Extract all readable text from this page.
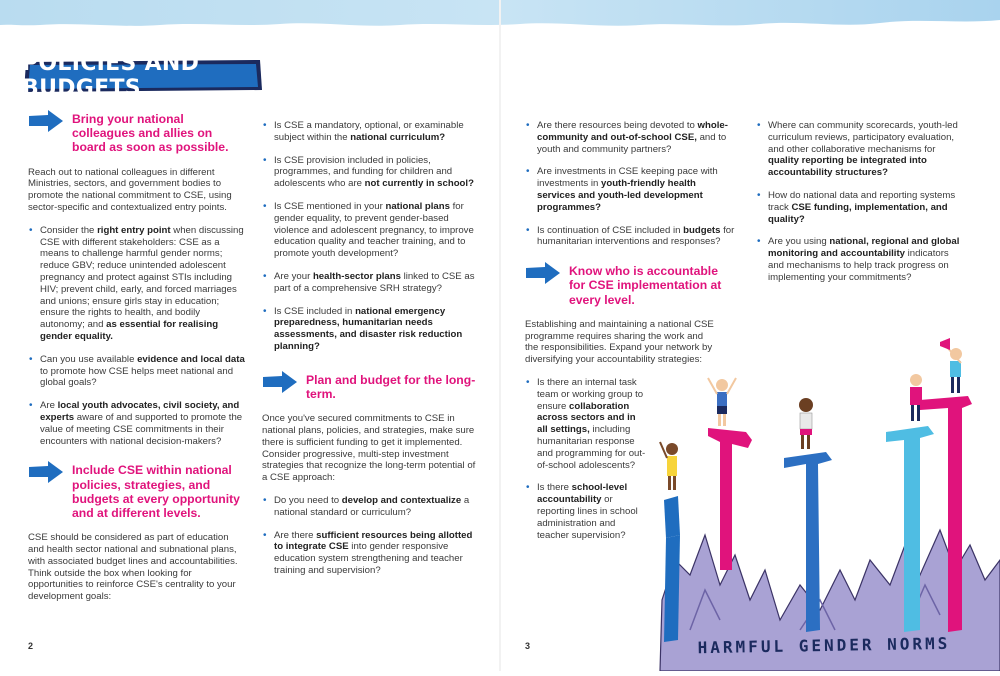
POLICIES AND BUDGETS
Bring your national colleagues and allies on board as soon as possible.

Reach out to national colleagues in different Ministries, sectors, and government bodies to promote the national commitment to CSE, using sector-specific and contextualized entry points.

• Consider the right entry point when discussing CSE with different stakeholders: CSE as a means to challenge harmful gender norms; reduce GBV; reduce unintended adolescent pregnancy and protect against STIs including HIV; prevent child, early, and forced marriages and unions; ensure girls stay in education; ensure the rights to health, and bodily autonomy; and as essential for realising gender equality.
• Can you use available evidence and local data to promote how CSE helps meet national and global goals?
• Are local youth advocates, civil society, and experts aware of and supported to promote the value of meeting CSE commitments in their encounters with national decision-makers?
Include CSE within national policies, strategies, and budgets at every opportunity and at different levels.

CSE should be considered as part of education and health sector national and subnational plans, with associated budget lines and accountabilities. Think outside the box when looking for opportunities to reinforce CSE's centrality to your development goals:

• Is CSE a mandatory, optional, or examinable subject within the national curriculum?
• Is CSE provision included in policies, programmes, and funding for children and adolescents who are not currently in school?
• Is CSE mentioned in your national plans for gender equality, to prevent gender-based violence and adolescent pregnancy, to improve education quality and teacher training, and to promote youth development?
• Are your health-sector plans linked to CSE as part of a comprehensive SRH strategy?
• Is CSE included in national emergency preparedness, humanitarian needs assessments, and disaster risk reduction planning?
Plan and budget for the long-term.

Once you've secured commitments to CSE in national plans, policies, and strategies, make sure there is sufficient funding to get it implemented. Consider progressive, multi-step investment strategies that recognize the long-term potential of a CSE approach:

• Do you need to develop and contextualize a national standard or curriculum?
• Are there sufficient resources being allotted to integrate CSE into gender responsive education system strengthening and teacher training and supervision?
• Are there resources being devoted to whole-community and out-of-school CSE, and to youth and community partners?
• Are investments in CSE keeping pace with investments in youth-friendly health services and youth-led development programmes?
• Is continuation of CSE included in budgets for humanitarian interventions and responses?
Know who is accountable for CSE implementation at every level.

Establishing and maintaining a national CSE programme requires sharing the work and the responsibilities. Expand your network by diversifying your accountability strategies:

• Is there an internal task team or working group to ensure collaboration across sectors and in all settings, including humanitarian response and programming for out-of-school adolescents?
• Is there school-level accountability or reporting lines in school administration and teacher supervision?
• Where can community scorecards, youth-led curriculum reviews, participatory evaluation, and other collaborative mechanisms for quality reporting be integrated into accountability structures?
• How do national data and reporting systems track CSE funding, implementation, and quality?
• Are you using national, regional and global monitoring and accountability indicators and mechanisms to help track progress on implementing your commitments?
HARMFUL GENDER NORMS
2	3
